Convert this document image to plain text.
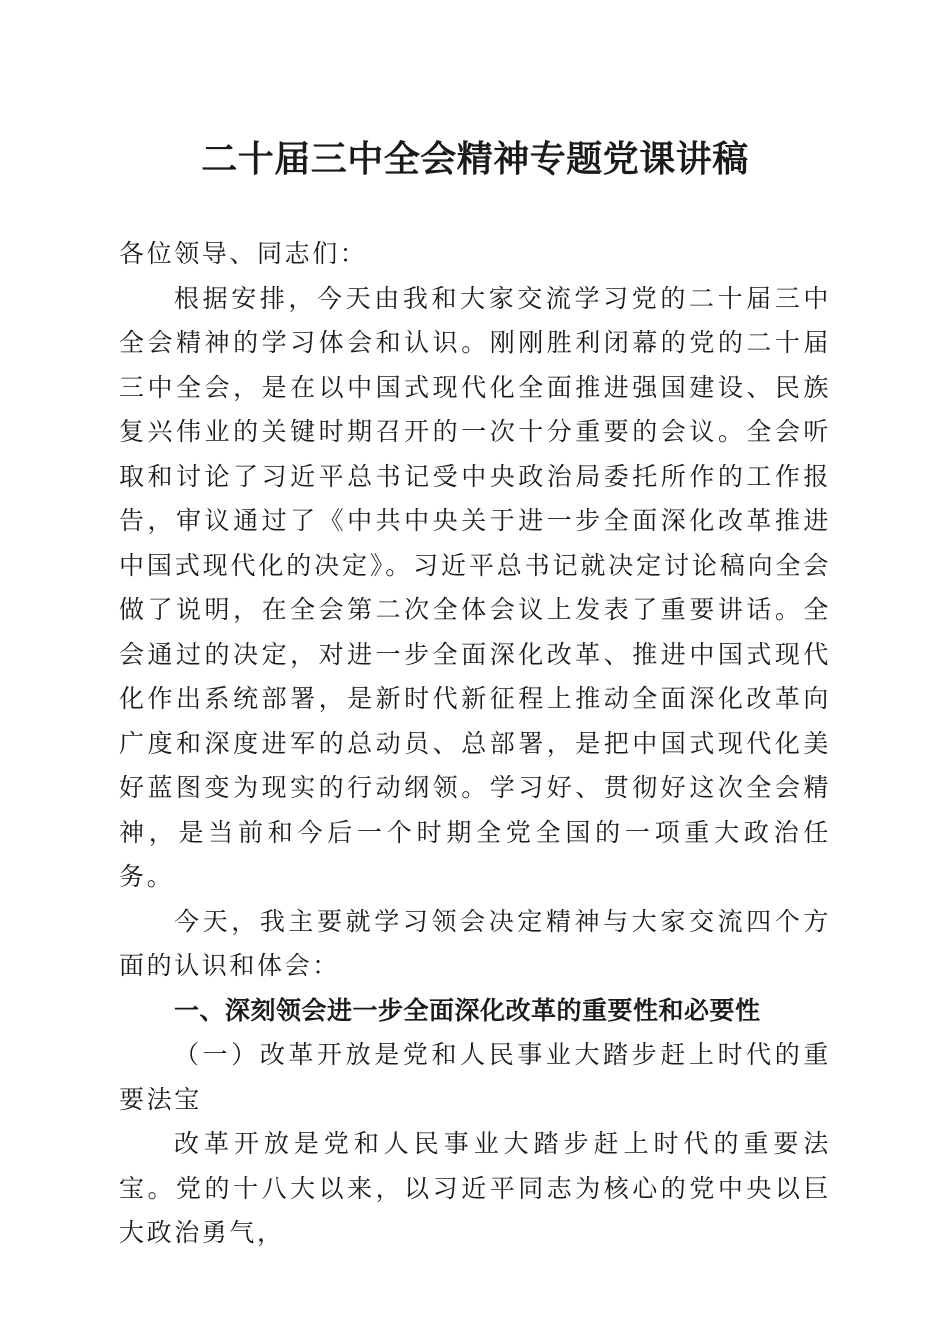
二十届三中全会精神专题党课讲稿

各位领导、同志们：

根据安排，今天由我和大家交流学习党的二十届三中全会精神的学习体会和认识。刚刚胜利闭幕的党的二十届三中全会，是在以中国式现代化全面推进强国建设、民族复兴伟业的关键时期召开的一次十分重要的会议。全会听取和讨论了习近平总书记受中央政治局委托所作的工作报告，审议通过了《中共中央关于进一步全面深化改革推进中国式现代化的决定》。习近平总书记就决定讨论稿向全会做了说明，在全会第二次全体会议上发表了重要讲话。全会通过的决定，对进一步全面深化改革、推进中国式现代化作出系统部署，是新时代新征程上推动全面深化改革向广度和深度进军的总动员、总部署，是把中国式现代化美好蓝图变为现实的行动纲领。学习好、贯彻好这次全会精神，是当前和今后一个时期全党全国的一项重大政治任务。

今天，我主要就学习领会决定精神与大家交流四个方面的认识和体会：

一、深刻领会进一步全面深化改革的重要性和必要性

（一）改革开放是党和人民事业大踏步赶上时代的重要法宝

改革开放是党和人民事业大踏步赶上时代的重要法宝。党的十八大以来，以习近平同志为核心的党中央以巨大政治勇气，
